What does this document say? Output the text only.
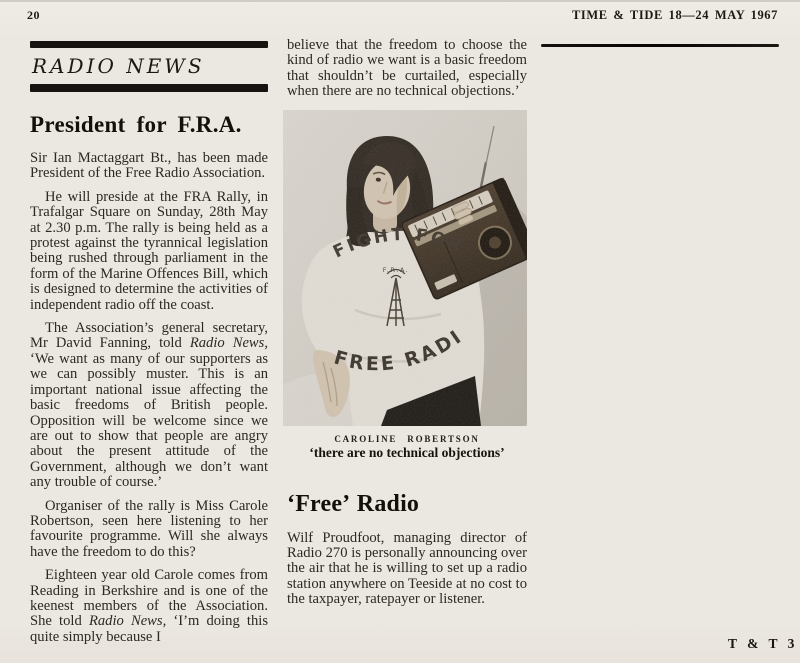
20	TIME & TIDE 18—24 MAY 1967
RADIO NEWS
President for F.R.A.

Sir Ian Mactaggart Bt., has been made President of the Free Radio Association.

He will preside at the FRA Rally, in Trafalgar Square on Sunday, 28th May at 2.30 p.m. The rally is being held as a protest against the tyrannical legislation being rushed through parliament in the form of the Marine Offences Bill, which is designed to determine the activities of independent radio off the coast.

The Association’s general secretary, Mr David Fanning, told Radio News, ‘We want as many of our supporters as we can possibly muster. This is an important national issue affecting the basic freedoms of British people. Opposition will be welcome since we are out to show that people are angry about the present attitude of the Government, although we don’t want any trouble of course.’

Organiser of the rally is Miss Carole Robertson, seen here listening to her favourite programme. Will she always have the freedom to do this?

Eighteen year old Carole comes from Reading in Berkshire and is one of the keenest members of the Association. She told Radio News, ‘I’m doing this quite simply because I

believe that the freedom to choose the kind of radio we want is a basic freedom that shouldn’t be curtailed, especially when there are no technical objections.’

CAROLINE ROBERTSON
‘there are no technical objections’
‘Free’ Radio

Wilf Proudfoot, managing director of Radio 270 is personally announcing over the air that he is willing to set up a radio station anywhere on Teeside at no cost to the taxpayer, ratepayer or listener.

T & T 3
